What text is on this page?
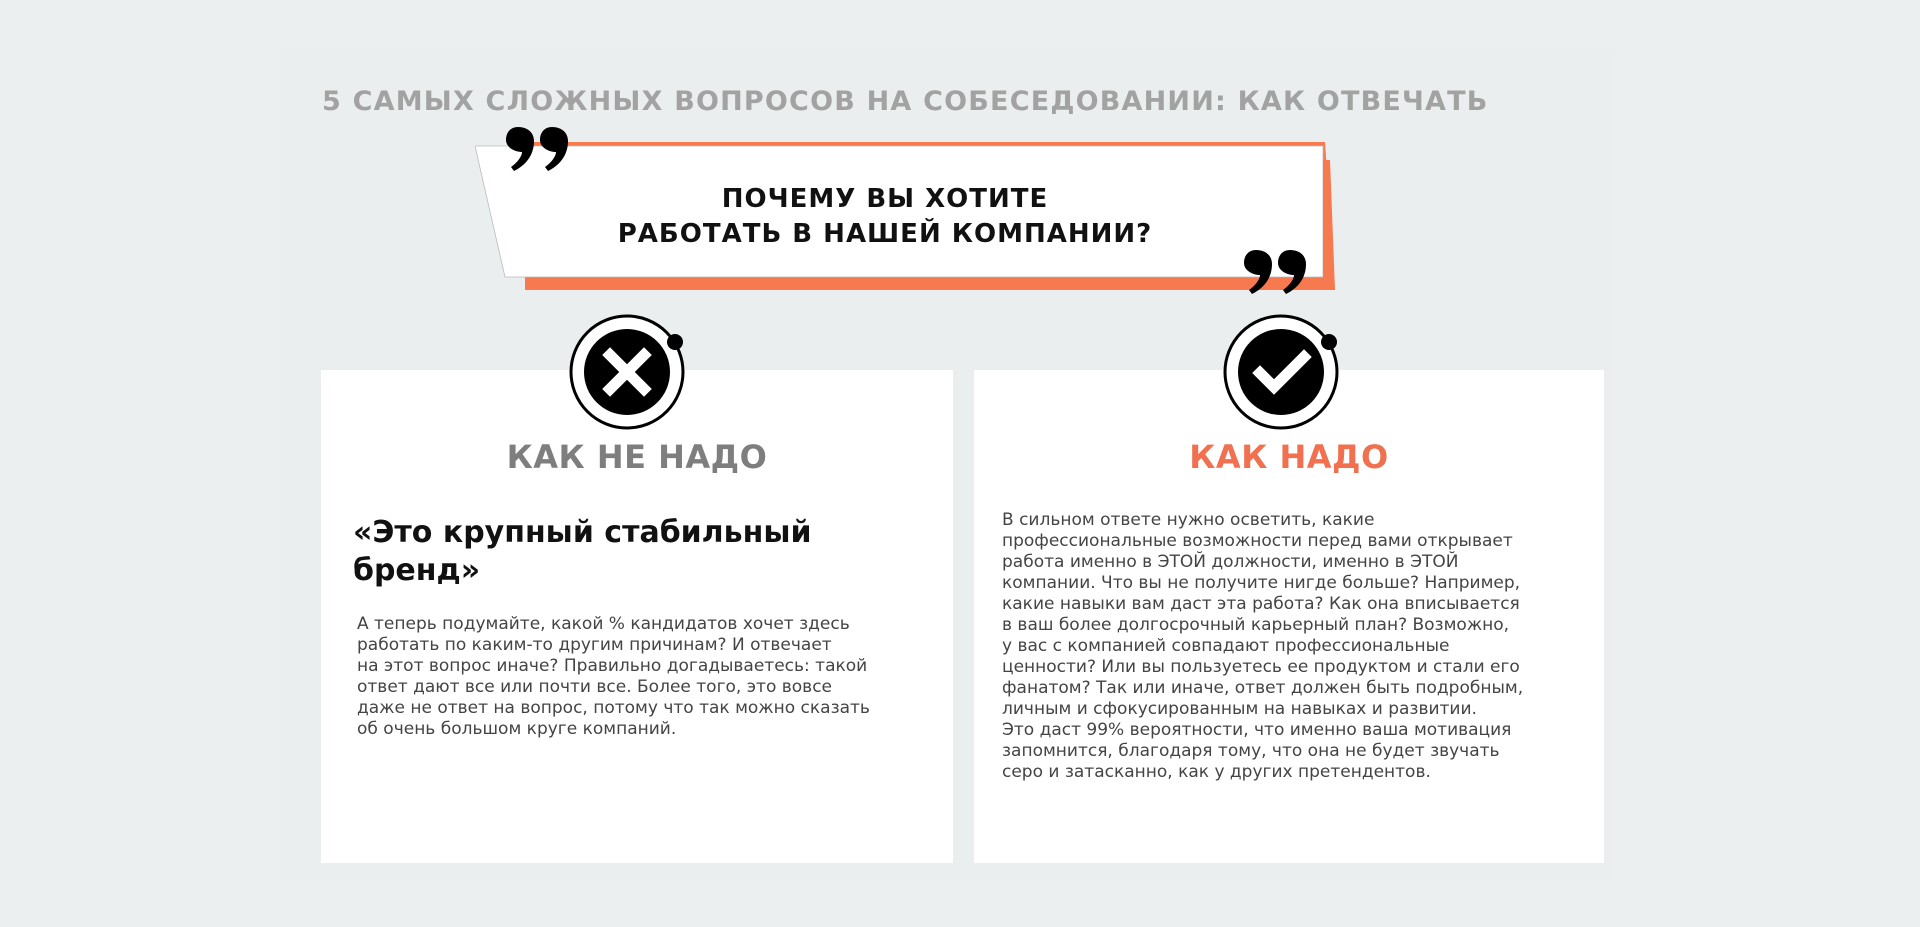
5 САМЫХ СЛОЖНЫХ ВОПРОСОВ НА СОБЕСЕДОВАНИИ: КАК ОТВЕЧАТЬ
ПОЧЕМУ ВЫ ХОТИТЕ
РАБОТАТЬ В НАШЕЙ КОМПАНИИ?
КАК НЕ НАДО
«Это крупный стабильный бренд»
А теперь подумайте, какой % кандидатов хочет здесь
работать по каким-то другим причинам? И отвечает
на этот вопрос иначе? Правильно догадываетесь: такой
ответ дают все или почти все. Более того, это вовсе
даже не ответ на вопрос, потому что так можно сказать
об очень большом круге компаний.
КАК НАДО
В сильном ответе нужно осветить, какие
профессиональные возможности перед вами открывает
работа именно в ЭТОЙ должности, именно в ЭТОЙ
компании. Что вы не получите нигде больше? Например,
какие навыки вам даст эта работа? Как она вписывается
в ваш более долгосрочный карьерный план? Возможно,
у вас с компанией совпадают профессиональные
ценности? Или вы пользуетесь ее продуктом и стали его
фанатом? Так или иначе, ответ должен быть подробным,
личным и сфокусированным на навыках и развитии.
Это даст 99% вероятности, что именно ваша мотивация
запомнится, благодаря тому, что она не будет звучать
серо и затасканно, как у других претендентов.
